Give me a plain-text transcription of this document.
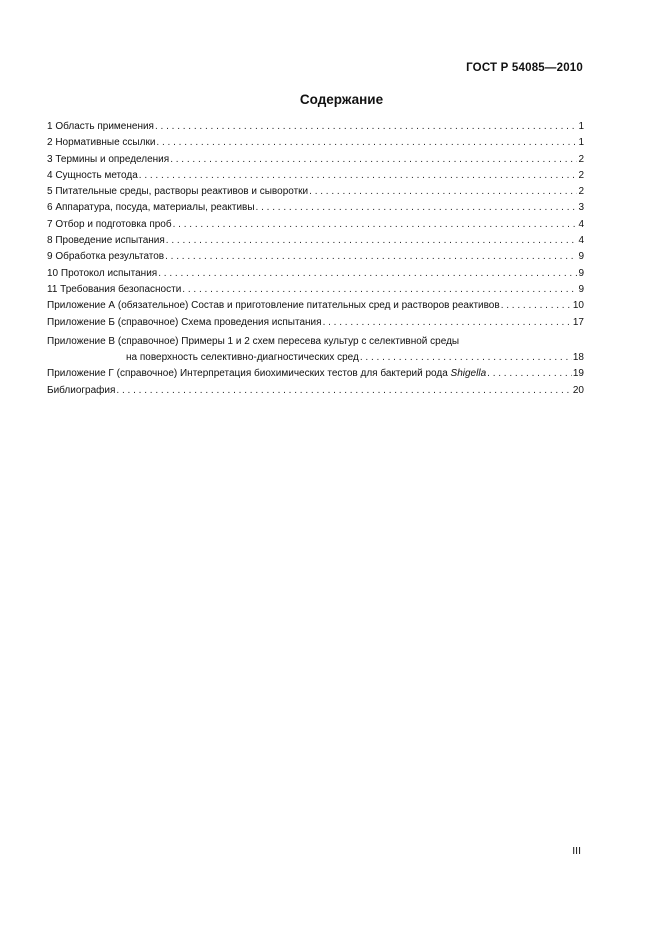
ГОСТ Р 54085—2010
Содержание
1 Область применения . . .	1
2 Нормативные ссылки . . .	1
3 Термины и определения . . .	2
4 Сущность метода . . .	2
5 Питательные среды, растворы реактивов и сыворотки . . .	2
6 Аппаратура, посуда, материалы, реактивы . . .	3
7 Отбор и подготовка проб . . .	4
8 Проведение испытания . . .	4
9 Обработка результатов . . .	9
10 Протокол испытания . . .	9
11 Требования безопасности . . .	9
Приложение А (обязательное) Состав и приготовление питательных сред и растворов реактивов . . .	10
Приложение Б (справочное) Схема проведения испытания . . .	17
Приложение В (справочное) Примеры 1 и 2 схем пересева культур с селективной среды
на поверхность селективно-диагностических сред . . .	18
Приложение Г (справочное) Интерпретация биохимических тестов для бактерий рода Shigella . . .	19
Библиография . . .	20
III
